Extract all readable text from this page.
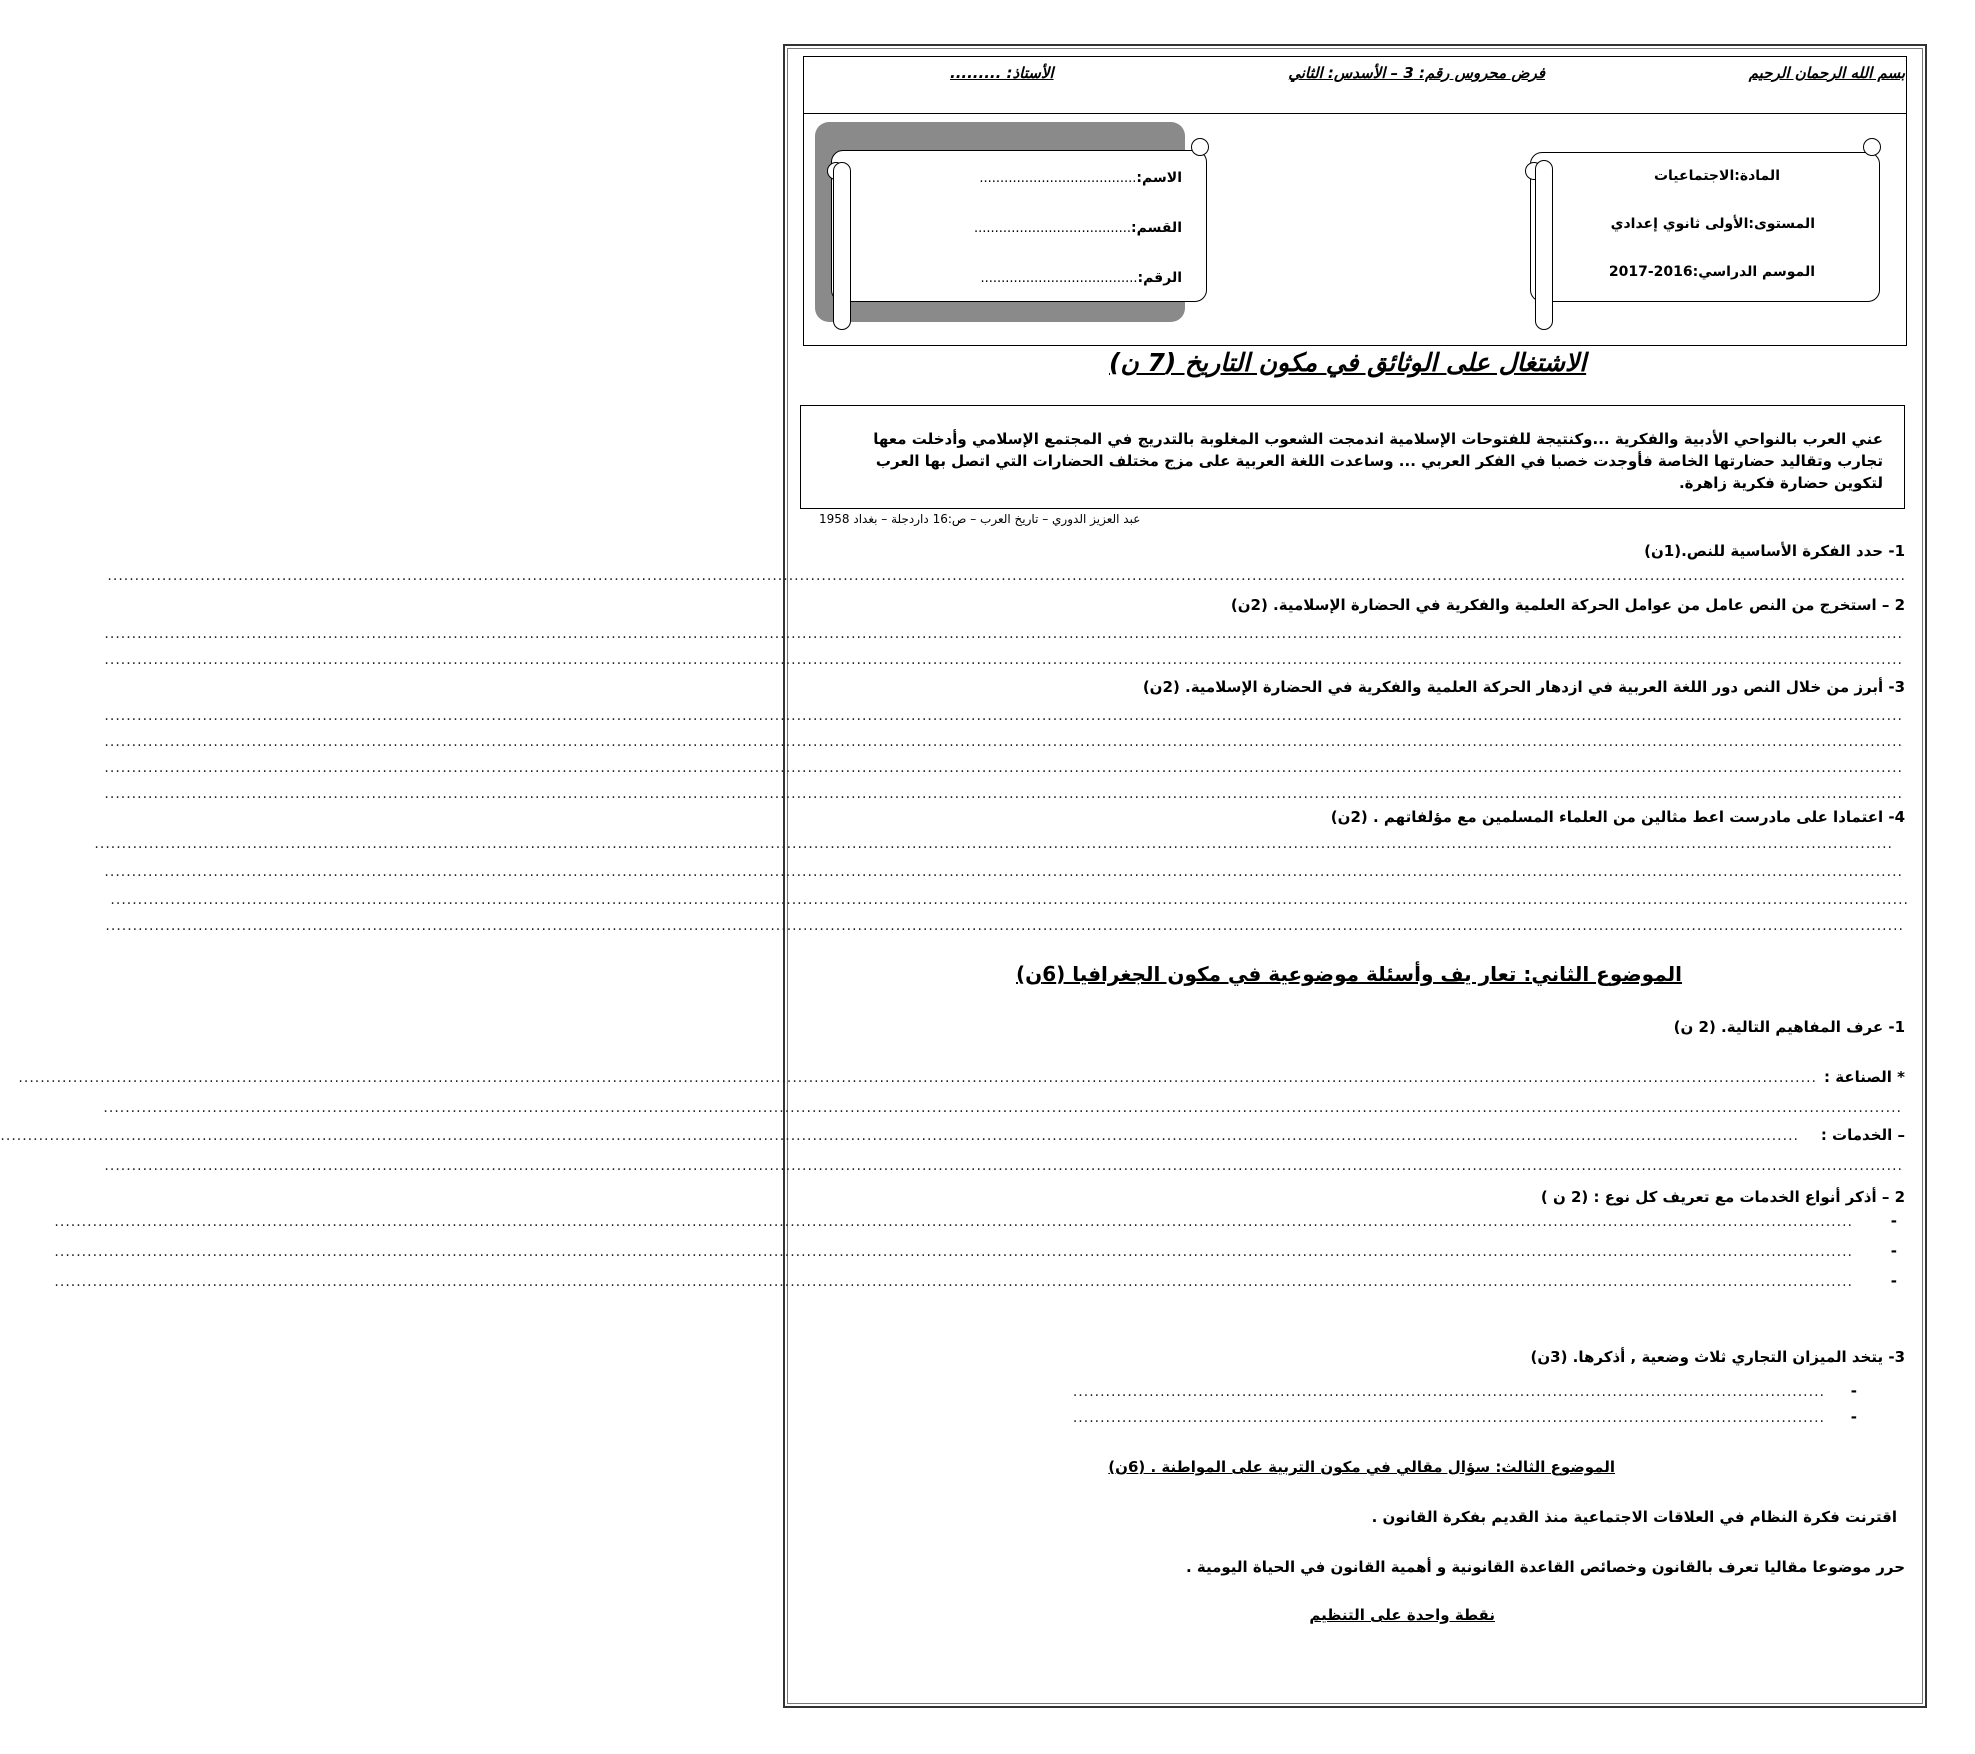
بسم الله الرحمان الرحيم
فرض محروس رقم: 3 – الأسدس: الثاني
الأستاذ: .........
المادة:الاجتماعيات
المستوى:الأولى ثانوي إعدادي
الموسم الدراسي:2016-2017
الاسم:......................................
القسم:......................................
الرقم:......................................
الاشتغال على الوثائق في مكون التاريخ (7 ن)
عني العرب بالنواحي الأدبية والفكرية ...وكنتيجة للفتوحات الإسلامية اندمجت الشعوب المغلوبة بالتدريج في المجتمع الإسلامي وأدخلت معها تجارب وتقاليد حضارتها الخاصة فأوجدت خصبا في الفكر العربي ... وساعدت اللغة العربية على مزج مختلف الحضارات التي اتصل بها العرب لتكوين حضارة فكرية زاهرة.
عبد العزيز الدوري – تاريخ العرب – ص:16 داردجلة – بغداد 1958
1- حدد الفكرة الأساسية للنص.(1ن)
..........................................................................................................................................................................................................................................................................................................................................
2 – استخرج من النص عامل من عوامل الحركة العلمية والفكرية في الحضارة الإسلامية. (2ن)
..........................................................................................................................................................................................................................................................................................................................................
..........................................................................................................................................................................................................................................................................................................................................
3- أبرز من خلال النص دور اللغة العربية في ازدهار الحركة العلمية والفكرية في الحضارة الإسلامية. (2ن)
..........................................................................................................................................................................................................................................................................................................................................
..........................................................................................................................................................................................................................................................................................................................................
..........................................................................................................................................................................................................................................................................................................................................
..........................................................................................................................................................................................................................................................................................................................................
4- اعتمادا على مادرست اعط مثالين من العلماء المسلمين مع مؤلفاتهم . (2ن)
..........................................................................................................................................................................................................................................................................................................................................
..........................................................................................................................................................................................................................................................................................................................................
..........................................................................................................................................................................................................................................................................................................................................
..........................................................................................................................................................................................................................................................................................................................................
الموضوع الثاني: تعار يف وأسئلة موضوعية في مكون الجغرافيا (6ن)
1- عرف المفاهيم التالية. (2 ن)
* الصناعة :
..........................................................................................................................................................................................................................................................................................................................................
..........................................................................................................................................................................................................................................................................................................................................
– الخدمات :
..........................................................................................................................................................................................................................................................................................................................................
..........................................................................................................................................................................................................................................................................................................................................
2 – أذكر أنواع الخدمات مع تعريف كل نوع : (2 ن )
..........................................................................................................................................................................................................................................................................................................................................	-
..........................................................................................................................................................................................................................................................................................................................................	-
..........................................................................................................................................................................................................................................................................................................................................	-
3- يتخد الميزان التجاري ثلاث وضعية , أذكرها. (3ن)
.......................................................................................................................................... -
.......................................................................................................................................... -
الموضوع الثالث: سؤال مقالي في مكون التربية على المواطنة . (6ن)
اقترنت فكرة النظام في العلاقات الاجتماعية منذ القديم بفكرة القانون .
حرر موضوعا مقاليا تعرف بالقانون وخصائص القاعدة القانونية و أهمية القانون في الحياة اليومية .
نقطة واحدة على التنظيم
